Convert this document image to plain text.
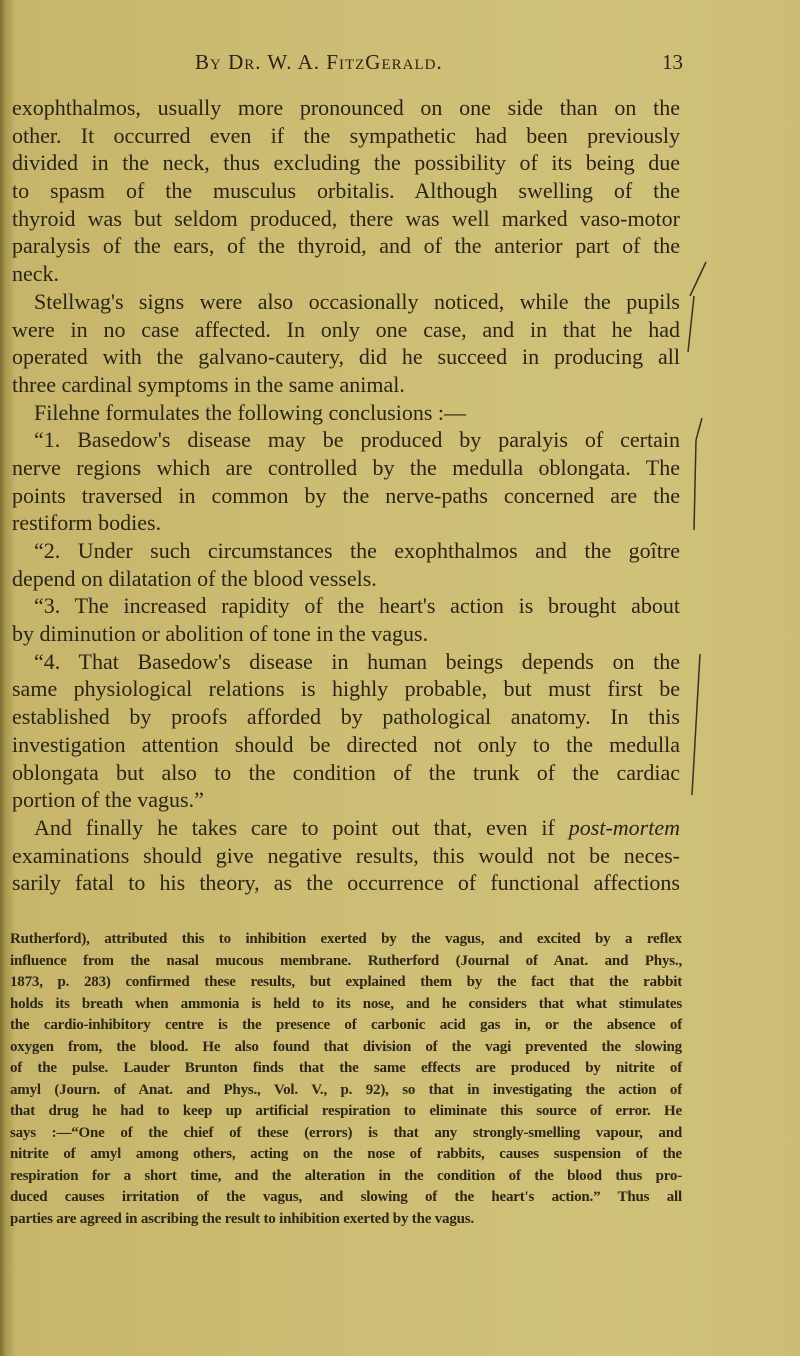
By Dr. W. A. FitzGerald.	13
exophthalmos, usually more pronounced on one side than on the
other. It occurred even if the sympathetic had been previously
divided in the neck, thus excluding the possibility of its being due
to spasm of the musculus orbitalis. Although swelling of the
thyroid was but seldom produced, there was well marked vaso-motor
paralysis of the ears, of the thyroid, and of the anterior part of the
neck.
Stellwag's signs were also occasionally noticed, while the pupils
were in no case affected. In only one case, and in that he had
operated with the galvano-cautery, did he succeed in producing all
three cardinal symptoms in the same animal.
Filehne formulates the following conclusions :—
“1. Basedow's disease may be produced by paralyis of certain
nerve regions which are controlled by the medulla oblongata. The
points traversed in common by the nerve-paths concerned are the
restiform bodies.
“2. Under such circumstances the exophthalmos and the goître
depend on dilatation of the blood vessels.
“3. The increased rapidity of the heart's action is brought about
by diminution or abolition of tone in the vagus.
“4. That Basedow's disease in human beings depends on the
same physiological relations is highly probable, but must first be
established by proofs afforded by pathological anatomy. In this
investigation attention should be directed not only to the medulla
oblongata but also to the condition of the trunk of the cardiac
portion of the vagus.”
And finally he takes care to point out that, even if post-mortem
examinations should give negative results, this would not be neces-
sarily fatal to his theory, as the occurrence of functional affections
Rutherford), attributed this to inhibition exerted by the vagus, and excited by a reflex
influence from the nasal mucous membrane. Rutherford (Journal of Anat. and Phys.,
1873, p. 283) confirmed these results, but explained them by the fact that the rabbit
holds its breath when ammonia is held to its nose, and he considers that what stimulates
the cardio-inhibitory centre is the presence of carbonic acid gas in, or the absence of
oxygen from, the blood. He also found that division of the vagi prevented the slowing
of the pulse. Lauder Brunton finds that the same effects are produced by nitrite of
amyl (Journ. of Anat. and Phys., Vol. V., p. 92), so that in investigating the action of
that drug he had to keep up artificial respiration to eliminate this source of error. He
says :—“One of the chief of these (errors) is that any strongly-smelling vapour, and
nitrite of amyl among others, acting on the nose of rabbits, causes suspension of the
respiration for a short time, and the alteration in the condition of the blood thus pro-
duced causes irritation of the vagus, and slowing of the heart's action.” Thus all
parties are agreed in ascribing the result to inhibition exerted by the vagus.
